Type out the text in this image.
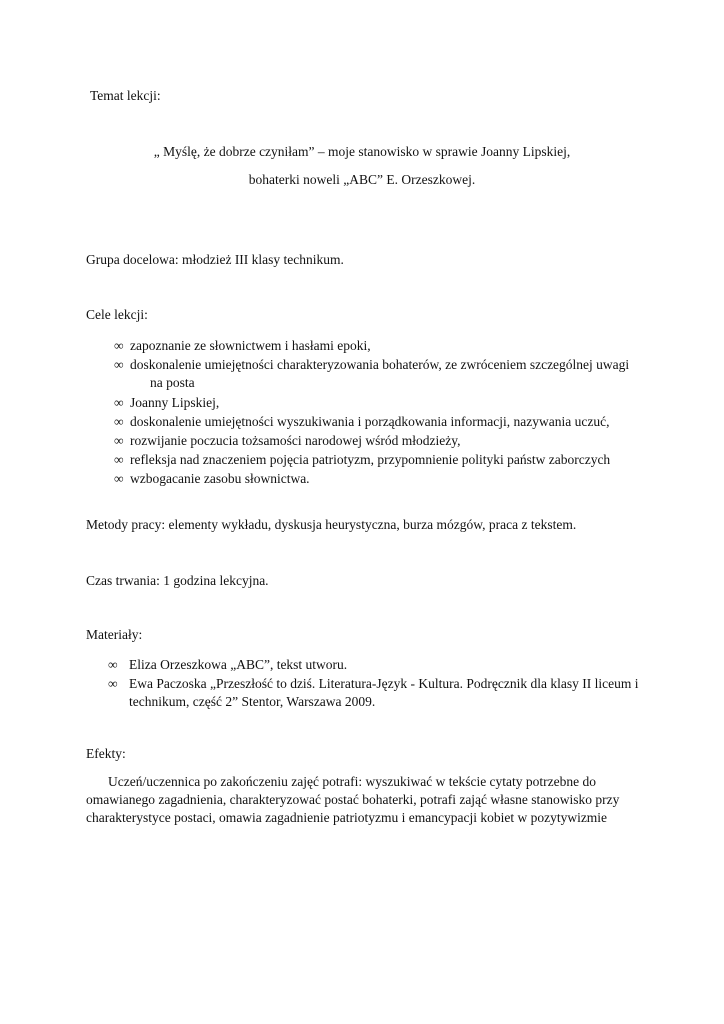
Temat lekcji:
„ Myślę, że dobrze czyniłam” – moje stanowisko w sprawie Joanny Lipskiej,
bohaterki noweli „ABC” E. Orzeszkowej.
Grupa docelowa: młodzież III klasy technikum.
Cele lekcji:
∞ zapoznanie ze słownictwem i hasłami epoki,
∞ doskonalenie umiejętności charakteryzowania bohaterów, ze zwróceniem szczególnej uwagi
na posta
∞ Joanny Lipskiej,
∞ doskonalenie umiejętności wyszukiwania i porządkowania informacji, nazywania uczuć,
∞ rozwijanie poczucia tożsamości narodowej wśród młodzieży,
∞ refleksja nad znaczeniem pojęcia patriotyzm, przypomnienie polityki państw zaborczych
∞ wzbogacanie zasobu słownictwa.
Metody pracy: elementy wykładu, dyskusja heurystyczna, burza mózgów, praca z tekstem.
Czas trwania: 1 godzina lekcyjna.
Materiały:
∞ Eliza Orzeszkowa „ABC”, tekst utworu.
∞ Ewa Paczoska „Przeszłość to dziś. Literatura-Język - Kultura. Podręcznik dla klasy II liceum i
technikum, część 2” Stentor, Warszawa 2009.
Efekty:
Uczeń/uczennica po zakończeniu zajęć potrafi: wyszukiwać w tekście cytaty potrzebne do
omawianego zagadnienia, charakteryzować postać bohaterki, potrafi zająć własne stanowisko przy
charakterystyce postaci, omawia zagadnienie patriotyzmu i emancypacji kobiet w pozytywizmie
